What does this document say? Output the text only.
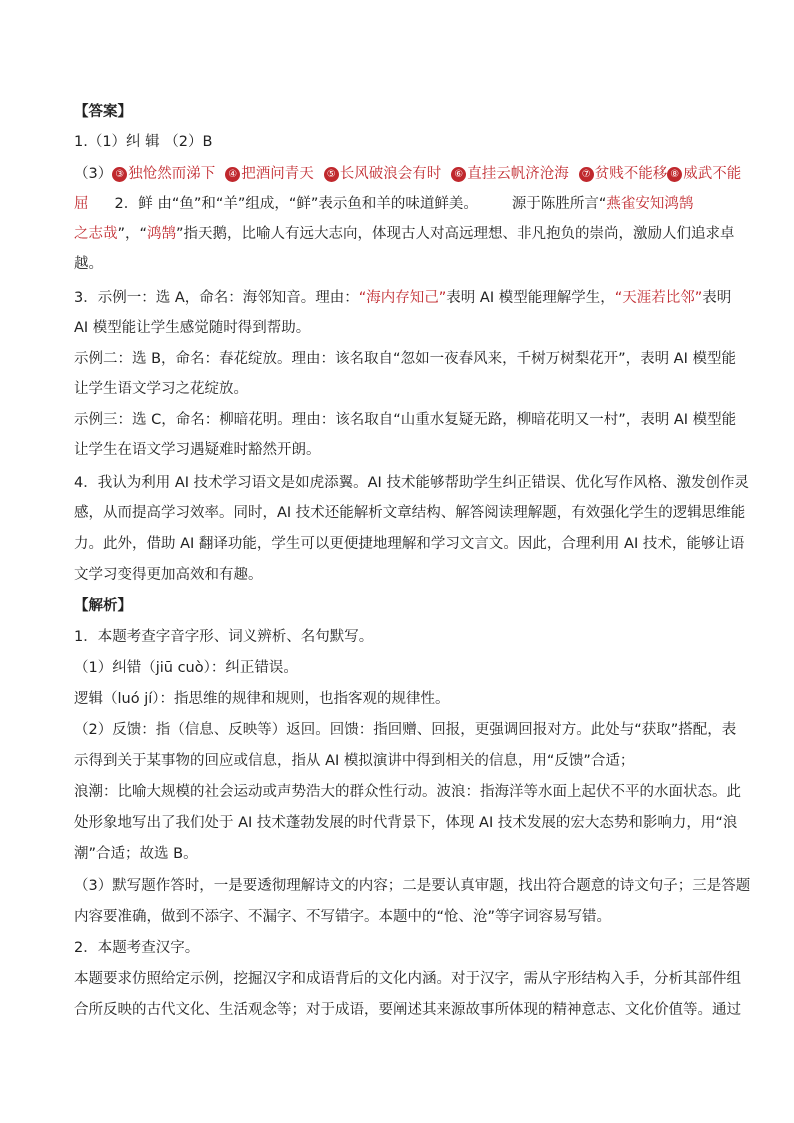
【答案】
1.（1）纠 辑 （2）B
（3） ③ 独怆然而涕下 ④ 把酒问青天 ⑤ 长风破浪会有时 ⑥ 直挂云帆济沧海 ⑦ 贫贱不能移 ⑧ 威武不能
屈 2．鲜 由“鱼”和“羊”组成，“鲜”表示鱼和羊的味道鲜美。 源于陈胜所言“燕雀安知鸿鹄
之志哉”，“鸿鹄”指天鹅，比喻人有远大志向，体现古人对高远理想、非凡抱负的崇尚，激励人们追求卓
越。
3．示例一：选 A，命名：海邻知音。理由：“海内存知己”表明 AI 模型能理解学生，“天涯若比邻”表明
AI 模型能让学生感觉随时得到帮助。
示例二：选 B，命名：春花绽放。理由：该名取自“忽如一夜春风来，千树万树梨花开”，表明 AI 模型能
让学生语文学习之花绽放。
示例三：选 C，命名：柳暗花明。理由：该名取自“山重水复疑无路，柳暗花明又一村”，表明 AI 模型能
让学生在语文学习遇疑难时豁然开朗。
4．我认为利用 AI 技术学习语文是如虎添翼。AI 技术能够帮助学生纠正错误、优化写作风格、激发创作灵
感，从而提高学习效率。同时，AI 技术还能解析文章结构、解答阅读理解题，有效强化学生的逻辑思维能
力。此外，借助 AI 翻译功能，学生可以更便捷地理解和学习文言文。因此，合理利用 AI 技术，能够让语
文学习变得更加高效和有趣。
【解析】
1．本题考查字音字形、词义辨析、名句默写。
（1）纠错（jiū cuò）：纠正错误。
逻辑（luó jí）：指思维的规律和规则，也指客观的规律性。
（2）反馈：指（信息、反映等）返回。回馈：指回赠、回报，更强调回报对方。此处与“获取”搭配，表
示得到关于某事物的回应或信息，指从 AI 模拟演讲中得到相关的信息，用“反馈”合适；
浪潮：比喻大规模的社会运动或声势浩大的群众性行动。波浪：指海洋等水面上起伏不平的水面状态。此
处形象地写出了我们处于 AI 技术蓬勃发展的时代背景下，体现 AI 技术发展的宏大态势和影响力，用“浪
潮”合适；故选 B。
（3）默写题作答时，一是要透彻理解诗文的内容；二是要认真审题，找出符合题意的诗文句子；三是答题
内容要准确，做到不添字、不漏字、不写错字。本题中的“怆、沧”等字词容易写错。
2．本题考查汉字。
本题要求仿照给定示例，挖掘汉字和成语背后的文化内涵。对于汉字，需从字形结构入手，分析其部件组
合所反映的古代文化、生活观念等；对于成语，要阐述其来源故事所体现的精神意志、文化价值等。通过
